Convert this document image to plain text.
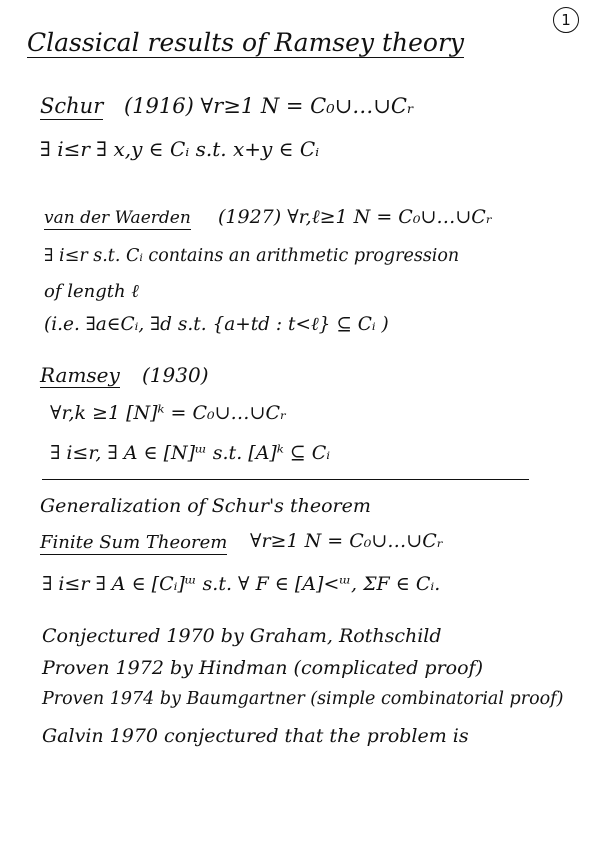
1
Classical results of Ramsey theory
Schur (1916) ∀r≥1 N = C₀∪…∪Cᵣ
∃ i≤r ∃ x,y ∈ Cᵢ s.t. x+y ∈ Cᵢ
van der Waerden (1927) ∀r,ℓ≥1 N = C₀∪…∪Cᵣ
∃ i≤r s.t. Cᵢ contains an arithmetic progression
of length ℓ
(i.e. ∃a∈Cᵢ, ∃d s.t. {a+td : t<ℓ} ⊆ Cᵢ )
Ramsey (1930)
∀r,k ≥1 [N]ᵏ = C₀∪…∪Cᵣ
∃ i≤r, ∃ A ∈ [N]ᵚ s.t. [A]ᵏ ⊆ Cᵢ
Generalization of Schur's theorem
Finite Sum Theorem ∀r≥1 N = C₀∪…∪Cᵣ
∃ i≤r ∃ A ∈ [Cᵢ]ᵚ s.t. ∀ F ∈ [A]<ᵚ, ΣF ∈ Cᵢ.
Conjectured 1970 by Graham, Rothschild
Proven 1972 by Hindman (complicated proof)
Proven 1974 by Baumgartner (simple combinatorial proof)
Galvin 1970 conjectured that the problem is
